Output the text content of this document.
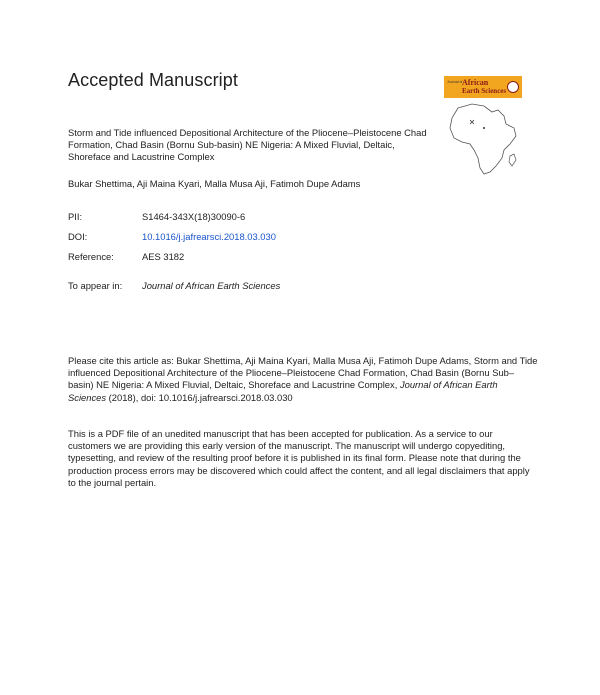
Accepted Manuscript	Journal of African
Earth Sciences
Storm and Tide influenced Depositional Architecture of the Pliocene–Pleistocene Chad Formation, Chad Basin (Bornu Sub-basin) NE Nigeria: A Mixed Fluvial, Deltaic, Shoreface and Lacustrine Complex
Bukar Shettima, Aji Maina Kyari, Malla Musa Aji, Fatimoh Dupe Adams
PII:	S1464-343X(18)30090-6
DOI:	10.1016/j.jafrearsci.2018.03.030
Reference:	AES 3182
To appear in: Journal of African Earth Sciences
Please cite this article as: Bukar Shettima, Aji Maina Kyari, Malla Musa Aji, Fatimoh Dupe Adams, Storm and Tide influenced Depositional Architecture of the Pliocene–Pleistocene Chad Formation, Chad Basin (Bornu Sub–basin) NE Nigeria: A Mixed Fluvial, Deltaic, Shoreface and Lacustrine Complex, Journal of African Earth Sciences (2018), doi: 10.1016/j.jafrearsci.2018.03.030
This is a PDF file of an unedited manuscript that has been accepted for publication. As a service to our customers we are providing this early version of the manuscript. The manuscript will undergo copyediting, typesetting, and review of the resulting proof before it is published in its final form. Please note that during the production process errors may be discovered which could affect the content, and all legal disclaimers that apply to the journal pertain.
